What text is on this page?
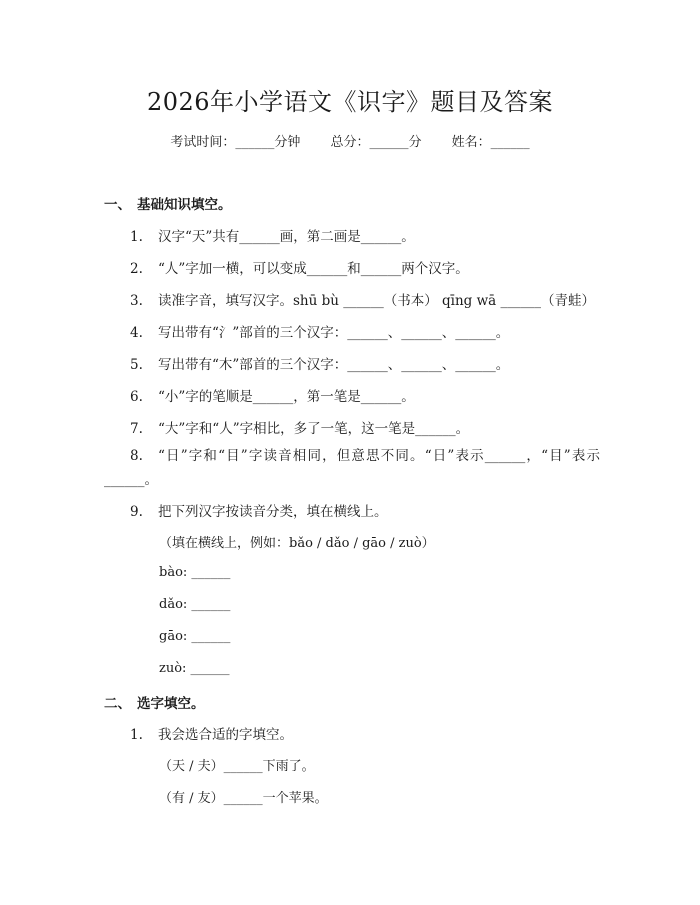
2026年小学语文《识字》题目及答案
考试时间：______分钟 总分：______分 姓名：______
一、 基础知识填空。
1. 汉字“天”共有______画，第二画是______。
2. “人”字加一横，可以变成______和______两个汉字。
3. 读准字音，填写汉字。shū bù ______（书本） qīng wā ______（青蛙）
4. 写出带有“氵”部首的三个汉字：______、______、______。
5. 写出带有“木”部首的三个汉字：______、______、______。
6. “小”字的笔顺是______，第一笔是______。
7. “大”字和“人”字相比，多了一笔，这一笔是______。
8. “日”字和“目”字读音相同，但意思不同。“日”表示______，“目”表示______。
9. 把下列汉字按读音分类，填在横线上。
（填在横线上，例如：bǎo / dǎo / gāo / zuò）
bào: ______
dǎo: ______
gāo: ______
zuò: ______
二、 选字填空。
1. 我会选合适的字填空。
（天 / 夫）______下雨了。
（有 / 友）______一个苹果。
